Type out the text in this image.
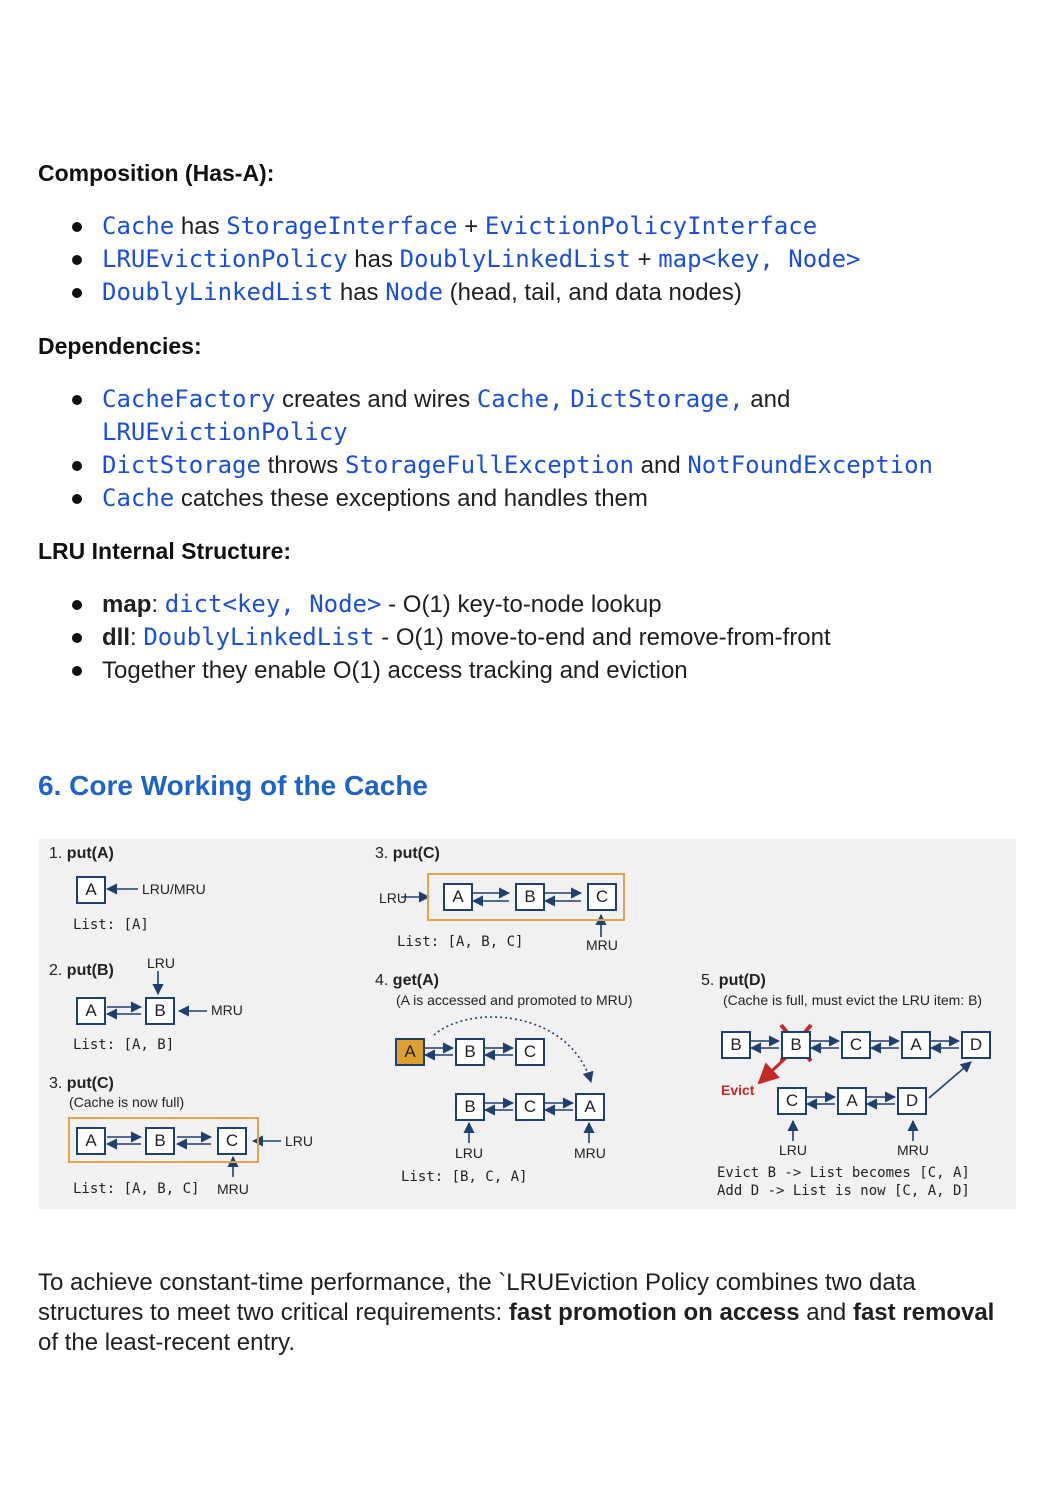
Composition (Has-A):
Cache has StorageInterface + EvictionPolicyInterface
LRUEvictionPolicy has DoublyLinkedList + map<key, Node>
DoublyLinkedList has Node (head, tail, and data nodes)
Dependencies:
CacheFactory creates and wires Cache, DictStorage, and
LRUEvictionPolicy
DictStorage throws StorageFullException and NotFoundException
Cache catches these exceptions and handles them
LRU Internal Structure:
map: dict<key, Node> - O(1) key-to-node lookup
dll: DoublyLinkedList - O(1) move-to-end and remove-from-front
Together they enable O(1) access tracking and eviction
6. Core Working of the Cache
1. put(A)
A	LRU/MRU
List: [A]
2. put(B) LRU
A	B	MRU
List: [A, B]
3. put(C)
(Cache is now full)
A	B	C	LRU
List: [A, B, C] MRU
3. put(C)
LRU	A	B	C
List: [A, B, C]	MRU
4. get(A)
(A is accessed and promoted to MRU)
A	B	C
B	C	A
LRU	MRU
List: [B, C, A]
5. put(D)
(Cache is full, must evict the LRU item: B)
B	B	C	A	D
Evict
C	A	D
LRU	MRU
Evict B -> List becomes [C, A]
Add D -> List is now [C, A, D]

To achieve constant-time performance, the `LRUEviction Policy combines two data structures to meet two critical requirements: fast promotion on access and fast removal of the least-recent entry.
